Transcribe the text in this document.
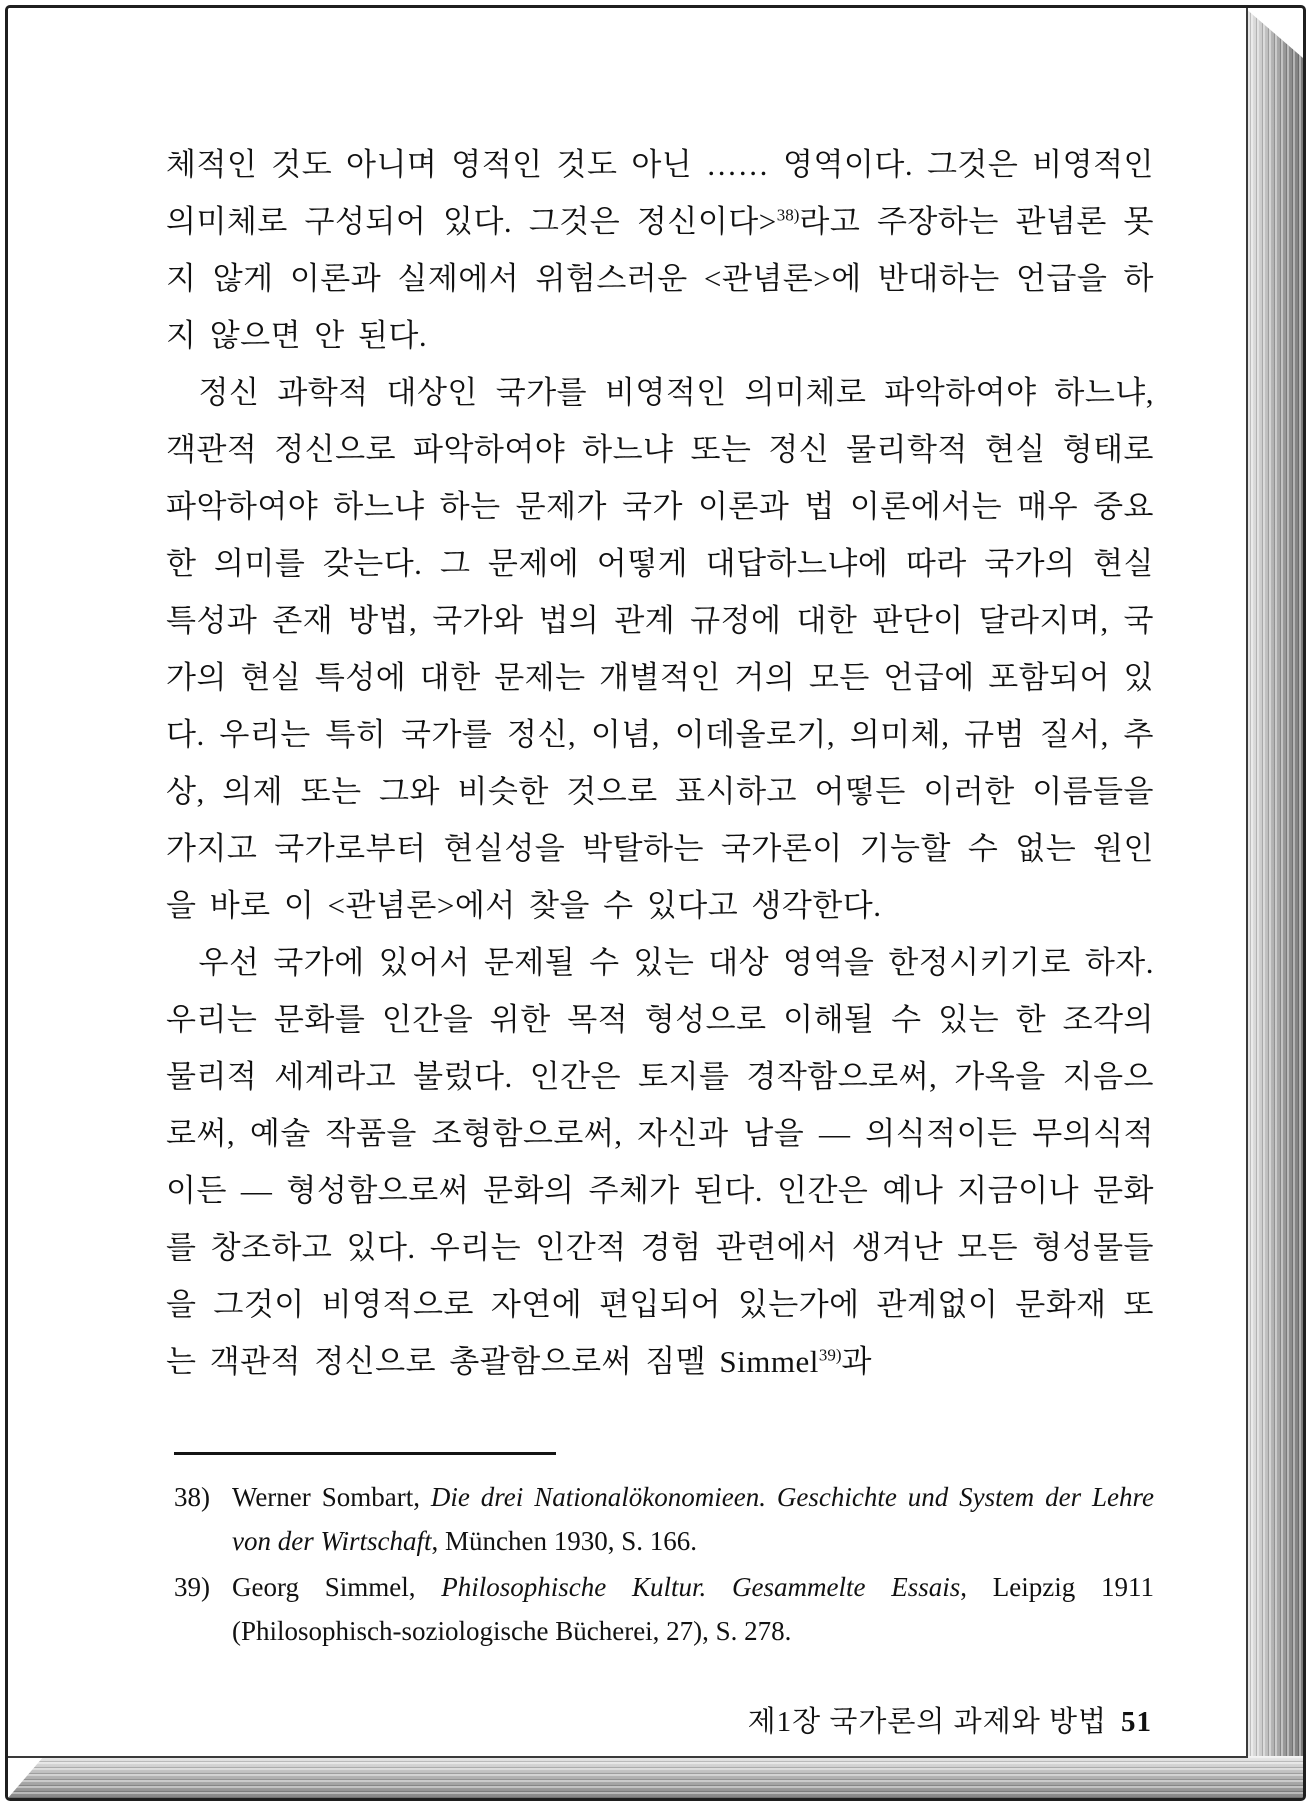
체적인 것도 아니며 영적인 것도 아닌 …… 영역이다. 그것은 비영적인 의미체로 구성되어 있다. 그것은 정신이다>$^{38)}$라고 주장하는 관념론 못지 않게 이론과 실제에서 위험스러운 <관념론>에 반대하는 언급을 하지 않으면 안 된다.

정신 과학적 대상인 국가를 비영적인 의미체로 파악하여야 하느냐, 객관적 정신으로 파악하여야 하느냐 또는 정신 물리학적 현실 형태로 파악하여야 하느냐 하는 문제가 국가 이론과 법 이론에서는 매우 중요한 의미를 갖는다. 그 문제에 어떻게 대답하느냐에 따라 국가의 현실 특성과 존재 방법, 국가와 법의 관계 규정에 대한 판단이 달라지며, 국가의 현실 특성에 대한 문제는 개별적인 거의 모든 언급에 포함되어 있다. 우리는 특히 국가를 정신, 이념, 이데올로기, 의미체, 규범 질서, 추상, 의제 또는 그와 비슷한 것으로 표시하고 어떻든 이러한 이름들을 가지고 국가로부터 현실성을 박탈하는 국가론이 기능할 수 없는 원인을 바로 이 <관념론>에서 찾을 수 있다고 생각한다.

우선 국가에 있어서 문제될 수 있는 대상 영역을 한정시키기로 하자. 우리는 문화를 인간을 위한 목적 형성으로 이해될 수 있는 한 조각의 물리적 세계라고 불렀다. 인간은 토지를 경작함으로써, 가옥을 지음으로써, 예술 작품을 조형함으로써, 자신과 남을 — 의식적이든 무의식적이든 — 형성함으로써 문화의 주체가 된다. 인간은 예나 지금이나 문화를 창조하고 있다. 우리는 인간적 경험 관련에서 생겨난 모든 형성물들을 그것이 비영적으로 자연에 편입되어 있는가에 관계없이 문화재 또는 객관적 정신으로 총괄함으로써 짐멜 Simmel$^{39)}$과

38) Werner Sombart, Die drei Nationalökonomieen. Geschichte und System der Lehre von der Wirtschaft, München 1930, S. 166.

39) Georg Simmel, Philosophische Kultur. Gesammelte Essais, Leipzig 1911 (Philosophisch-soziologische Bücherei, 27), S. 278.

제1장 국가론의 과제와 방법 51
